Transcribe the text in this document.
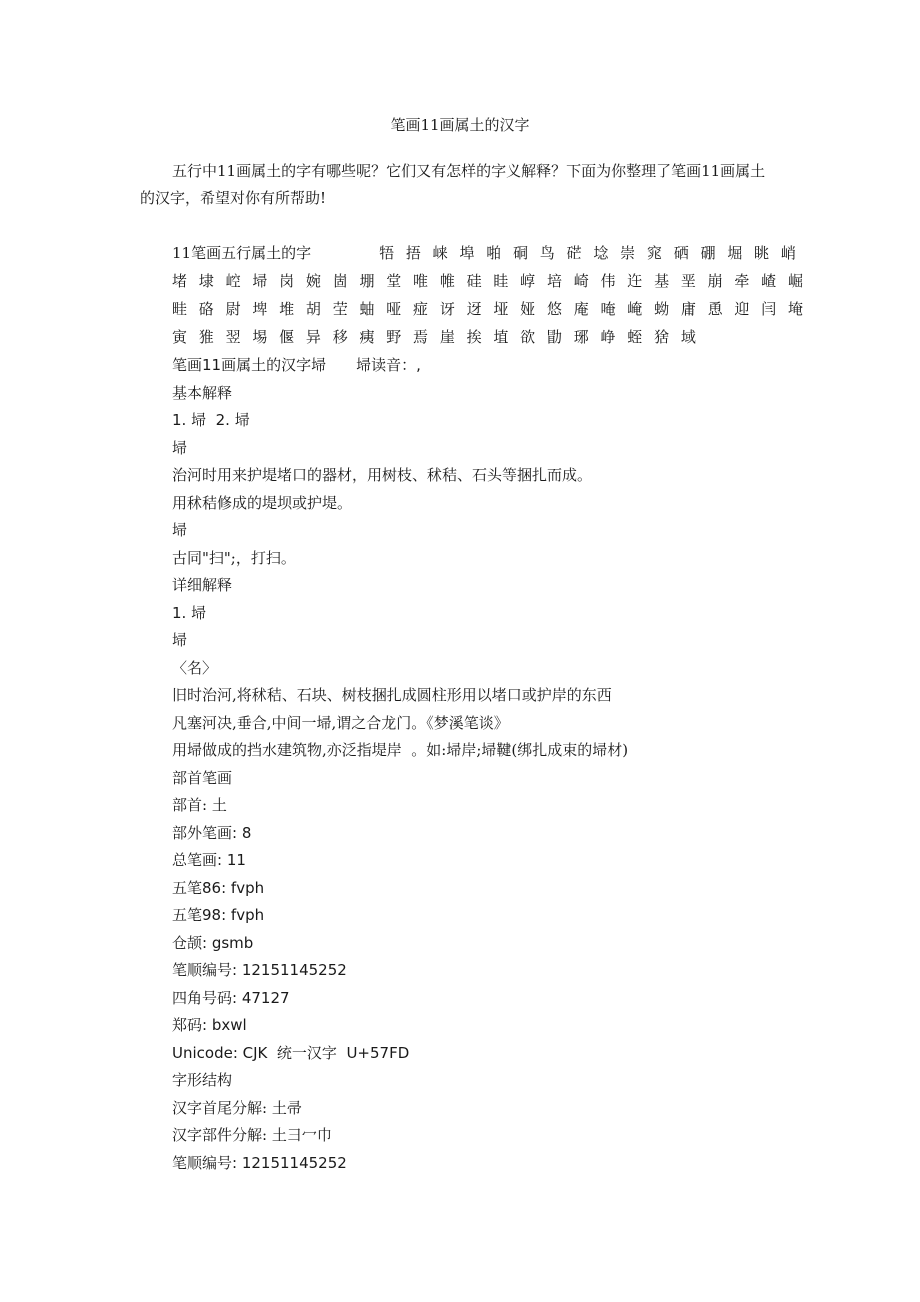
笔画11画属土的汉字
五行中11画属土的字有哪些呢？它们又有怎样的字义解释？下面为你整理了笔画11画属土的汉字，希望对你有所帮助!
11笔画五行属土的字	牾 捂 崃 埠 啪 硐 鸟 硭 埝 崇 窕 硒 硼 堀 眺 峭 堵 埭 崆 埽 岗 婉 崮 堋 堂 唯 帷 硅 眭 崞 培 崎 伟 迕 基 垩 崩 牵 嵖 崛 畦 硌 尉 埤 堆 胡 茔 蚰 哑 痖 讶 迓 垭 娅 悠 庵 唵 崦 蚴 庸 恿 迎 闫 埯 寅 猚 翌 埸 偃 异 移 痍 野 焉 崖 挨 埴 欲 勖 琊 峥 蛭 猞 域
笔画11画属土的汉字埽　　埽读音：,
基本解释
1. 埽  2. 埽
埽
治河时用来护堤堵口的器材，用树枝、秫秸、石头等捆扎而成。
用秫秸修成的堤坝或护堤。
埽
古同"扫";，打扫。
详细解释
1. 埽
埽
〈名〉
旧时治河,将秫秸、石块、树枝捆扎成圆柱形用以堵口或护岸的东西
凡塞河决,垂合,中间一埽,谓之合龙门。《梦溪笔谈》
用埽做成的挡水建筑物,亦泛指堤岸  。如:埽岸;埽鞬(绑扎成束的埽材)
部首笔画
部首: 土
部外笔画: 8
总笔画: 11
五笔86: fvph
五笔98: fvph
仓颉: gsmb
笔顺编号: 12151145252
四角号码: 47127
郑码: bxwl
Unicode: CJK  统一汉字  U+57FD
字形结构
汉字首尾分解: 土帚
汉字部件分解: 土彐冖巾
笔顺编号: 12151145252
